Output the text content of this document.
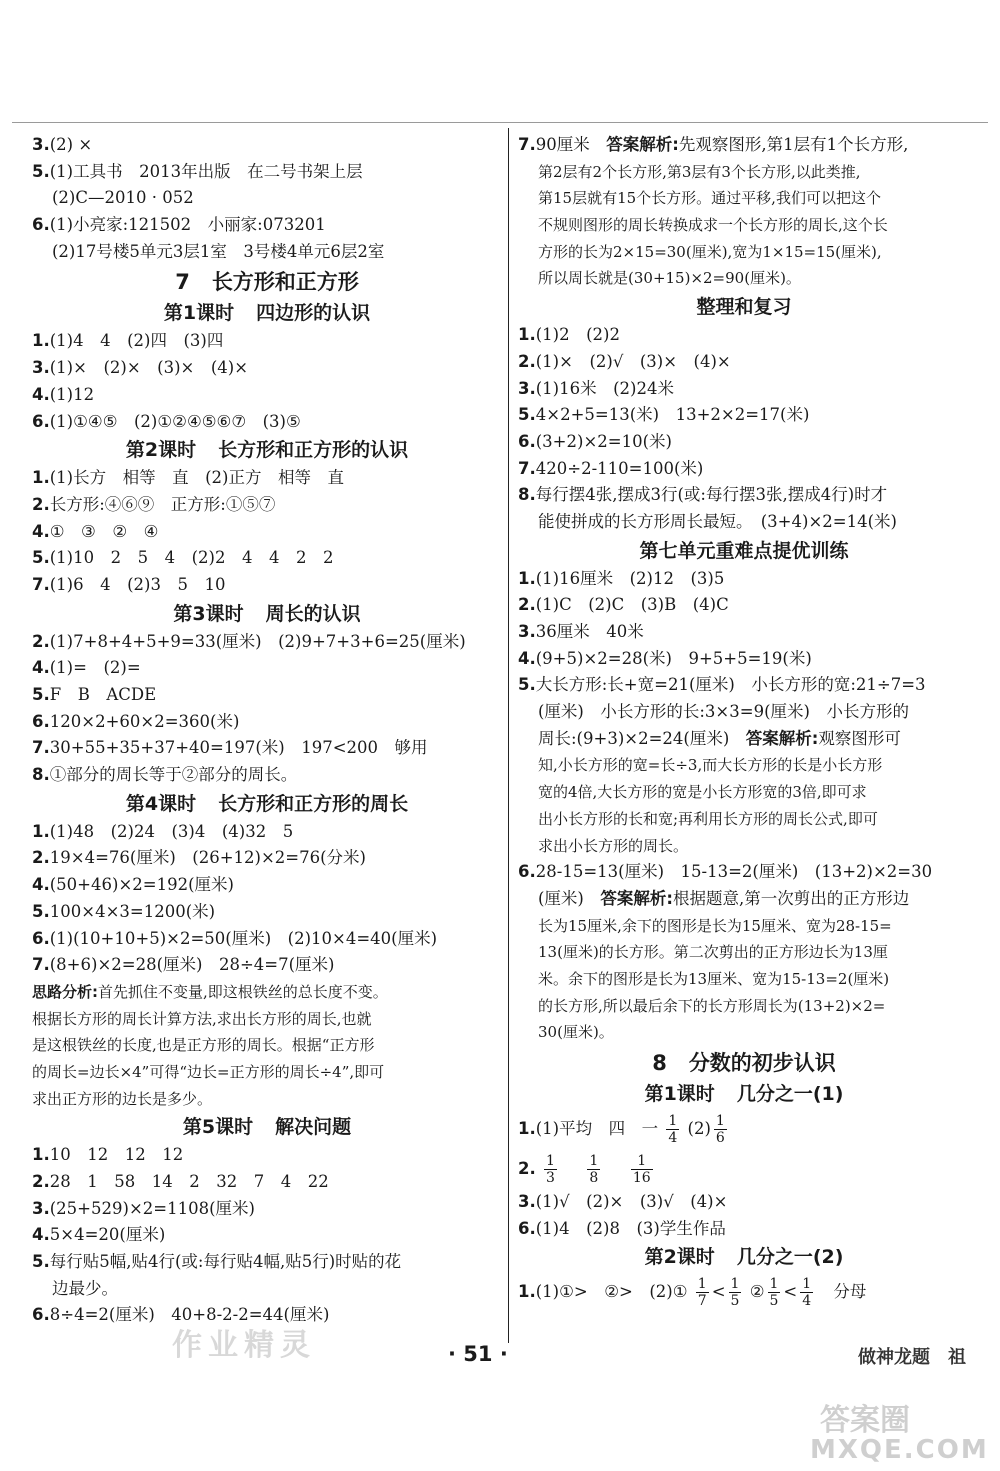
3.(2) ×
5.(1)工具书　2013年出版　在二号书架上层
(2)C—2010 · 052
6.(1)小亮家:121502　小丽家:073201
(2)17号楼5单元3层1室　3号楼4单元6层2室
7 长方形和正方形
第1课时 四边形的认识
1.(1)4　4　(2)四　(3)四
3.(1)×　(2)×　(3)×　(4)×
4.(1)12
6.(1)①④⑤　(2)①②④⑤⑥⑦　(3)⑤
第2课时 长方形和正方形的认识
1.(1)长方　相等　直　(2)正方　相等　直
2.长方形:④⑥⑨　正方形:①⑤⑦
4.①　③　②　④
5.(1)10　2　5　4　(2)2　4　4　2　2
7.(1)6　4　(2)3　5　10
第3课时 周长的认识
2.(1)7+8+4+5+9=33(厘米)　(2)9+7+3+6=25(厘米)
4.(1)=　(2)=
5.F　B　ACDE
6.120×2+60×2=360(米)
7.30+55+35+37+40=197(米)　197<200　够用
8.①部分的周长等于②部分的周长。
第4课时 长方形和正方形的周长
1.(1)48　(2)24　(3)4　(4)32　5
2.19×4=76(厘米)　(26+12)×2=76(分米)
4.(50+46)×2=192(厘米)
5.100×4×3=1200(米)
6.(1)(10+10+5)×2=50(厘米)　(2)10×4=40(厘米)
7.(8+6)×2=28(厘米)　28÷4=7(厘米)
思路分析:首先抓住不变量,即这根铁丝的总长度不变。
根据长方形的周长计算方法,求出长方形的周长,也就
是这根铁丝的长度,也是正方形的周长。根据“正方形
的周长=边长×4”可得“边长=正方形的周长÷4”,即可
求出正方形的边长是多少。
第5课时 解决问题
1.10　12　12　12
2.28　1　58　14　2　32　7　4　22
3.(25+529)×2=1108(厘米)
4.5×4=20(厘米)
5.每行贴5幅,贴4行(或:每行贴4幅,贴5行)时贴的花
边最少。
6.8÷4=2(厘米)　40+8-2-2=44(厘米)
7.90厘米　答案解析:先观察图形,第1层有1个长方形,
第2层有2个长方形,第3层有3个长方形,以此类推,
第15层就有15个长方形。通过平移,我们可以把这个
不规则图形的周长转换成求一个长方形的周长,这个长
方形的长为2×15=30(厘米),宽为1×15=15(厘米),
所以周长就是(30+15)×2=90(厘米)。
整理和复习
1.(1)2　(2)2
2.(1)×　(2)√　(3)×　(4)×
3.(1)16米　(2)24米
5.4×2+5=13(米)　13+2×2=17(米)
6.(3+2)×2=10(米)
7.420÷2-110=100(米)
8.每行摆4张,摆成3行(或:每行摆3张,摆成4行)时才
能使拼成的长方形周长最短。　(3+4)×2=14(米)
第七单元重难点提优训练
1.(1)16厘米　(2)12　(3)5
2.(1)C　(2)C　(3)B　(4)C
3.36厘米　40米
4.(9+5)×2=28(米)　9+5+5=19(米)
5.大长方形:长+宽=21(厘米)　小长方形的宽:21÷7=3
(厘米)　小长方形的长:3×3=9(厘米)　小长方形的
周长:(9+3)×2=24(厘米)　答案解析:观察图形可
知,小长方形的宽=长÷3,而大长方形的长是小长方形
宽的4倍,大长方形的宽是小长方形宽的3倍,即可求
出小长方形的长和宽;再利用长方形的周长公式,即可
求出小长方形的周长。
6.28-15=13(厘米)　15-13=2(厘米)　(13+2)×2=30
(厘米)　答案解析:根据题意,第一次剪出的正方形边
长为15厘米,余下的图形是长为15厘米、宽为28-15=
13(厘米)的长方形。第二次剪出的正方形边长为13厘
米。余下的图形是长为13厘米、宽为15-13=2(厘米)
的长方形,所以最后余下的长方形周长为(13+2)×2=
30(厘米)。
8 分数的初步认识
第1课时 几分之一(1)
1.(1)平均　四　一 $\frac{1}{4} (2) \frac{1}{6}$
2. $\frac{1}{3}$
$\frac{1}{8}$
$\frac{1}{16}$
3.(1)√　(2)×　(3)√　(4)×
6.(1)4　(2)8　(3)学生作品
第2课时 几分之一(2)
1.(1)①>　②>　(2)① $\frac{1}{7} < \frac{1}{5}$ ② $\frac{1}{5} < \frac{1}{4}$ 分母
· 51 ·	做神龙题　祖
作业精灵
答案圈
MXQE.COM
